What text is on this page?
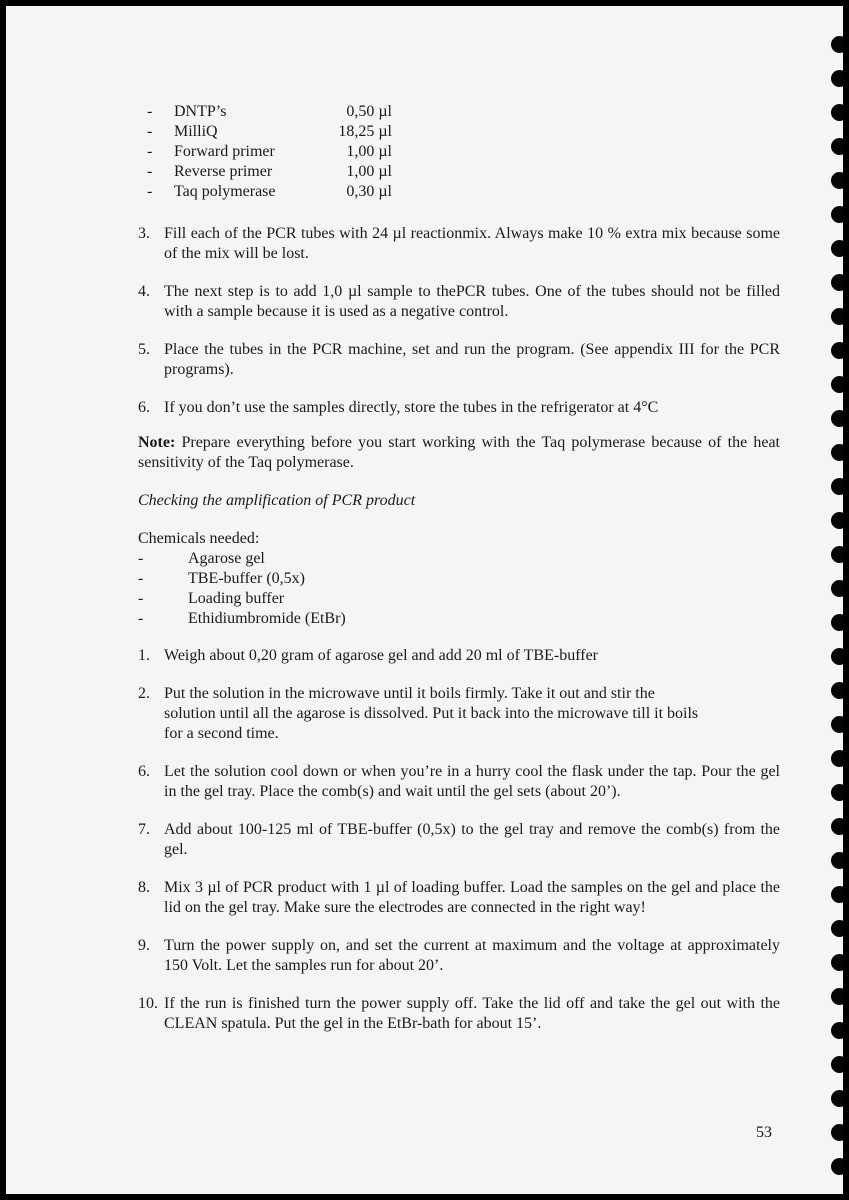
-	DNTP’s	0,50 µl
-	MilliQ	18,25 µl
-	Forward primer	1,00 µl
-	Reverse primer	1,00 µl
-	Taq polymerase	0,30 µl
3. Fill each of the PCR tubes with 24 µl reactionmix. Always make 10 % extra mix because some of the mix will be lost.
4. The next step is to add 1,0 µl sample to thePCR tubes. One of the tubes should not be filled with a sample because it is used as a negative control.
5. Place the tubes in the PCR machine, set and run the program. (See appendix III for the PCR programs).
6. If you don’t use the samples directly, store the tubes in the refrigerator at 4°C
Note: Prepare everything before you start working with the Taq polymerase because of the heat sensitivity of the Taq polymerase.
Checking the amplification of PCR product
Chemicals needed:
-	Agarose gel
-	TBE-buffer (0,5x)
-	Loading buffer
-	Ethidiumbromide (EtBr)
1. Weigh about 0,20 gram of agarose gel and add 20 ml of TBE-buffer
2. Put the solution in the microwave until it boils firmly. Take it out and stir the
solution until all the agarose is dissolved. Put it back into the microwave till it boils
for a second time.
6. Let the solution cool down or when you’re in a hurry cool the flask under the tap. Pour the gel in the gel tray. Place the comb(s) and wait until the gel sets (about 20’).
7. Add about 100-125 ml of TBE-buffer (0,5x) to the gel tray and remove the comb(s) from the gel.
8. Mix 3 µl of PCR product with 1 µl of loading buffer. Load the samples on the gel and place the lid on the gel tray. Make sure the electrodes are connected in the right way!
9. Turn the power supply on, and set the current at maximum and the voltage at approximately 150 Volt. Let the samples run for about 20’.
10. If the run is finished turn the power supply off. Take the lid off and take the gel out with the CLEAN spatula. Put the gel in the EtBr-bath for about 15’.
53
